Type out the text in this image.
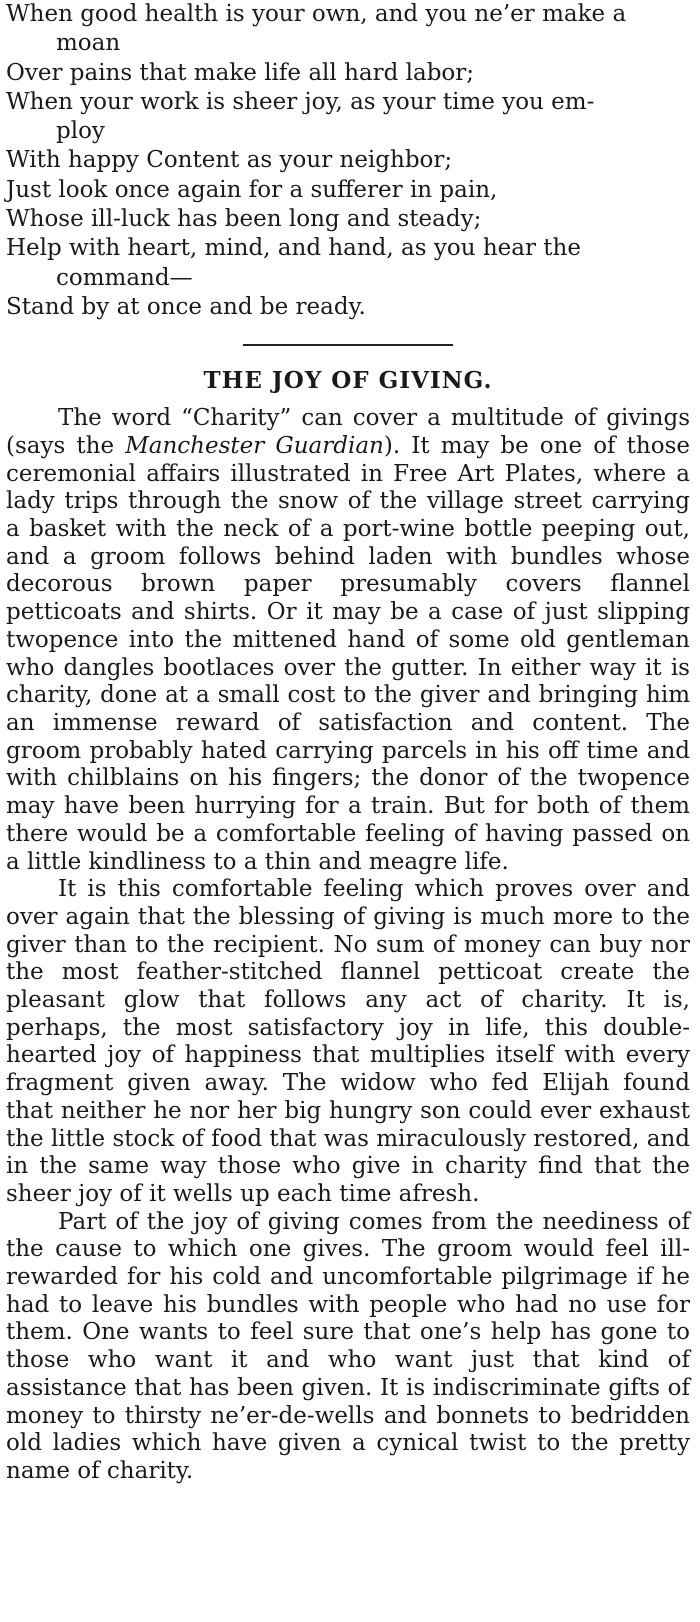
When good health is your own, and you ne’er make a
moan
Over pains that make life all hard labor;
When your work is sheer joy, as your time you em-
ploy
With happy Content as your neighbor;
Just look once again for a sufferer in pain,
Whose ill-luck has been long and steady;
Help with heart, mind, and hand, as you hear the
command—
Stand by at once and be ready.
THE JOY OF GIVING.

The word “Charity” can cover a multitude of givings (says the Manchester Guardian). It may be one of those ceremonial affairs illustrated in Free Art Plates, where a lady trips through the snow of the village street carrying a basket with the neck of a port-wine bottle peeping out, and a groom follows behind laden with bundles whose decorous brown paper presumably covers flannel petticoats and shirts. Or it may be a case of just slipping twopence into the mittened hand of some old gentleman who dangles bootlaces over the gutter. In either way it is charity, done at a small cost to the giver and bringing him an immense reward of satisfaction and content. The groom probably hated carrying parcels in his off time and with chilblains on his fingers; the donor of the twopence may have been hurrying for a train. But for both of them there would be a comfortable feeling of having passed on a little kindliness to a thin and meagre life.

It is this comfortable feeling which proves over and over again that the blessing of giving is much more to the giver than to the recipient. No sum of money can buy nor the most feather-stitched flannel petticoat create the pleasant glow that follows any act of charity. It is, perhaps, the most satisfactory joy in life, this double-hearted joy of happiness that multiplies itself with every fragment given away. The widow who fed Elijah found that neither he nor her big hungry son could ever exhaust the little stock of food that was miraculously restored, and in the same way those who give in charity find that the sheer joy of it wells up each time afresh.

Part of the joy of giving comes from the neediness of the cause to which one gives. The groom would feel ill-rewarded for his cold and uncomfortable pilgrimage if he had to leave his bundles with people who had no use for them. One wants to feel sure that one’s help has gone to those who want it and who want just that kind of assistance that has been given. It is indiscriminate gifts of money to thirsty ne’er-de-wells and bonnets to bedridden old ladies which have given a cynical twist to the pretty name of charity.
